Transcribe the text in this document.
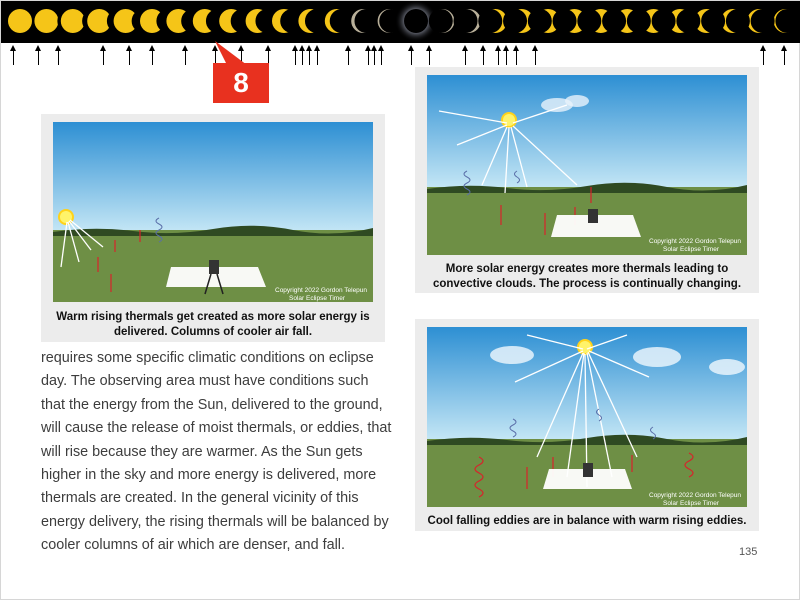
8
Copyright 2022 Gordon Telepun
Solar Eclipse Timer
Warm rising thermals get created as more solar energy is
delivered. Columns of cooler air fall.
Copyright 2022 Gordon Telepun
Solar Eclipse Timer
More solar energy creates more thermals leading to
convective clouds. The process is continually changing.
Copyright 2022 Gordon Telepun
Solar Eclipse Timer
Cool falling eddies are in balance with warm rising eddies.
requires some specific climatic conditions on eclipse
day. The observing area must have conditions such
that the energy from the Sun, delivered to the ground,
will cause the release of moist thermals, or eddies, that
will rise because they are warmer. As the Sun gets
higher in the sky and more energy is delivered, more
thermals are created. In the general vicinity of this
energy delivery, the rising thermals will be balanced by
cooler columns of air which are denser, and fall.	135
